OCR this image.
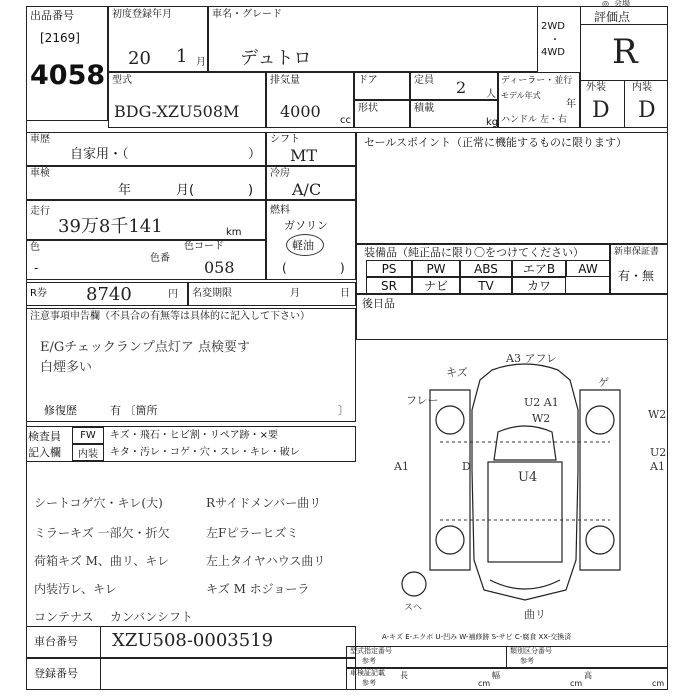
出品番号
[2169]
4058
初度登録年月
20 1 月
車名・グレード
デュトロ
2WD
・
4WD
評価点
◎ 会場
R
外装	内装
D D
型式
BDG-XZU508M
排気量
4000 cc
ドア	定員 2 人
ディーラー・並行
モデル年式
年
ハンドル 左・右
形状	積載
kg
車歴
自家用・（	）
シフト
MT
車検
年	月(	)
冷房
A/C
走行
39万8千141	km
燃料
ガソリン
軽油
色
-
色番
色コード
058	(	)
R券 8740	円 名変期限	月	日
セールスポイント（正常に機能するものに限ります）
装備品（純正品に限り〇をつけてください）
PS	PW	ABS	エアB	AW
SR	ナビ	TV	カワ
新車保証書
有・無
後日品
注意事項申告欄（不具合の有無等は具体的に記入して下さい）
E/Gチェックランプ点灯ア 点検要す
白煙多い
修復歴	有 〔箇所	〕
検査員
記入欄
FW	キズ・飛石・ヒビ割・リペア跡・×要
内装	キタ・汚レ・コゲ・穴・スレ・キレ・破レ
シートコゲ穴・キレ(大)	Rサイドメンバー曲リ
ミラーキズ 一部欠・折欠	左Fピラーヒズミ
荷箱キズ M、曲リ、キレ	左上タイヤハウス曲リ
内装汚レ、キレ	キズ M ホジョーラ
コンテナス カンバンシフト
A3 アフレ
キズ
ゲ
フレー	U2 A1
W2	W2
U2
A1
A1	D
U4
スヘ	曲リ
A-キズ E-エクボ U-凹み W-補修跡 S-サビ C-腐食 XX-交換済
車台番号 XZU508-0003519
登録番号
型式指定番号
参考
類別区分番号
参考
車検証記載
参考
長
cm
幅
cm
高
cm
